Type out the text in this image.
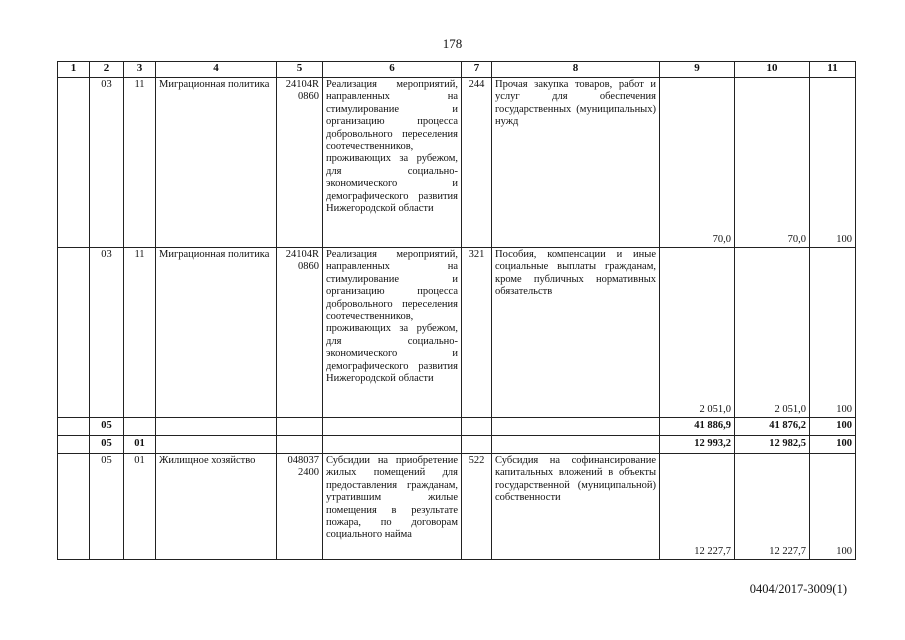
178
1	2	3	4	5	6	7	8	9	10	11
	03	11	Миграционная политика	24104R 0860	Реализация мероприятий, направленных на стимулирование и организацию процесса добровольного переселения соотечественников, проживающих за рубежом, для социально-экономического и демографического развития Нижегородской области	244	Прочая закупка товаров, работ и услуг для обеспечения государственных (муниципальных) нужд	70,0	70,0	100
	03	11	Миграционная политика	24104R 0860	Реализация мероприятий, направленных на стимулирование и организацию процесса добровольного переселения соотечественников, проживающих за рубежом, для социально-экономического и демографического развития Нижегородской области	321	Пособия, компенсации и иные социальные выплаты гражданам, кроме публичных нормативных обязательств	2 051,0	2 051,0	100
	05							41 886,9	41 876,2	100
	05	01						12 993,2	12 982,5	100
	05	01	Жилищное хозяйство	048037 2400	Субсидии на приобретение жилых помещений для предоставления гражданам, утратившим жилые помещения в результате пожара, по договорам социального найма	522	Субсидия на софинансирование капитальных вложений в объекты государственной (муниципальной) собственности	12 227,7	12 227,7	100
0404/2017-3009(1)
